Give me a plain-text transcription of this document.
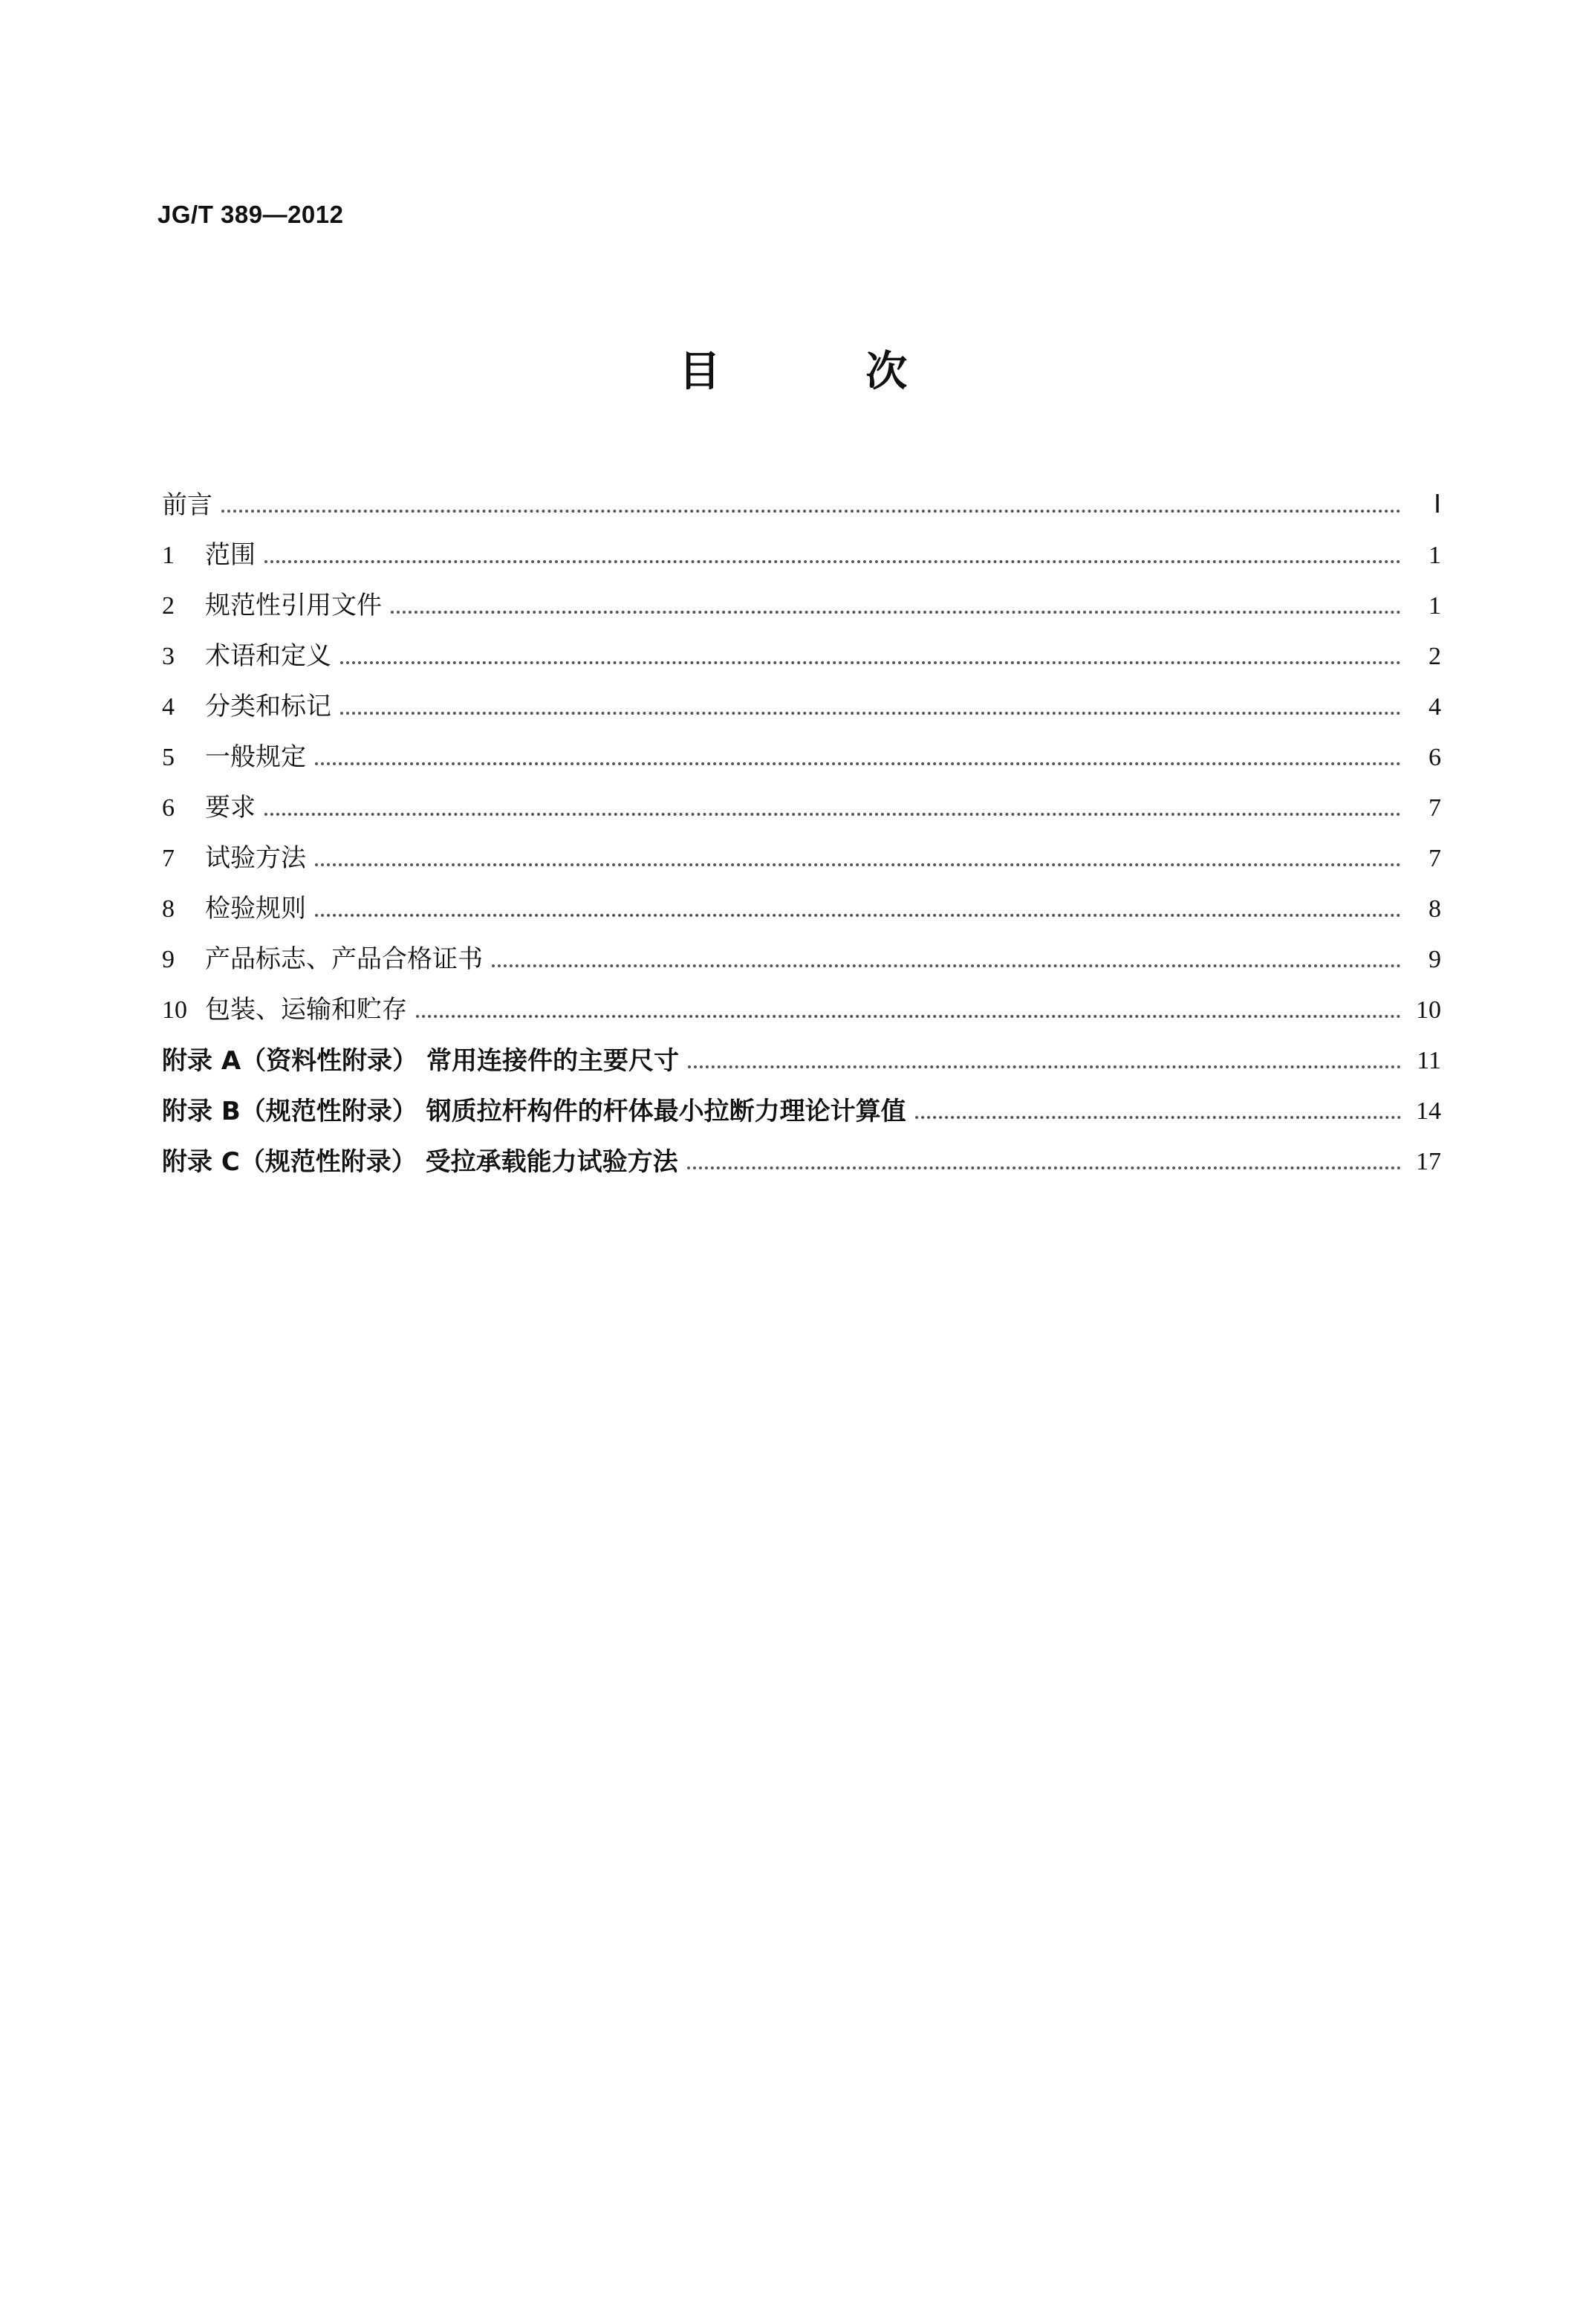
JG/T 389—2012
目 次
前言	Ⅰ
1 范围	1
2 规范性引用文件	1
3 术语和定义	2
4 分类和标记	4
5 一般规定	6
6 要求	7
7 试验方法	7
8 检验规则	8
9 产品标志、产品合格证书	9
10 包装、运输和贮存	10
附录 A（资料性附录） 常用连接件的主要尺寸	11
附录 B（规范性附录） 钢质拉杆构件的杆体最小拉断力理论计算值	14
附录 C（规范性附录） 受拉承载能力试验方法	17
